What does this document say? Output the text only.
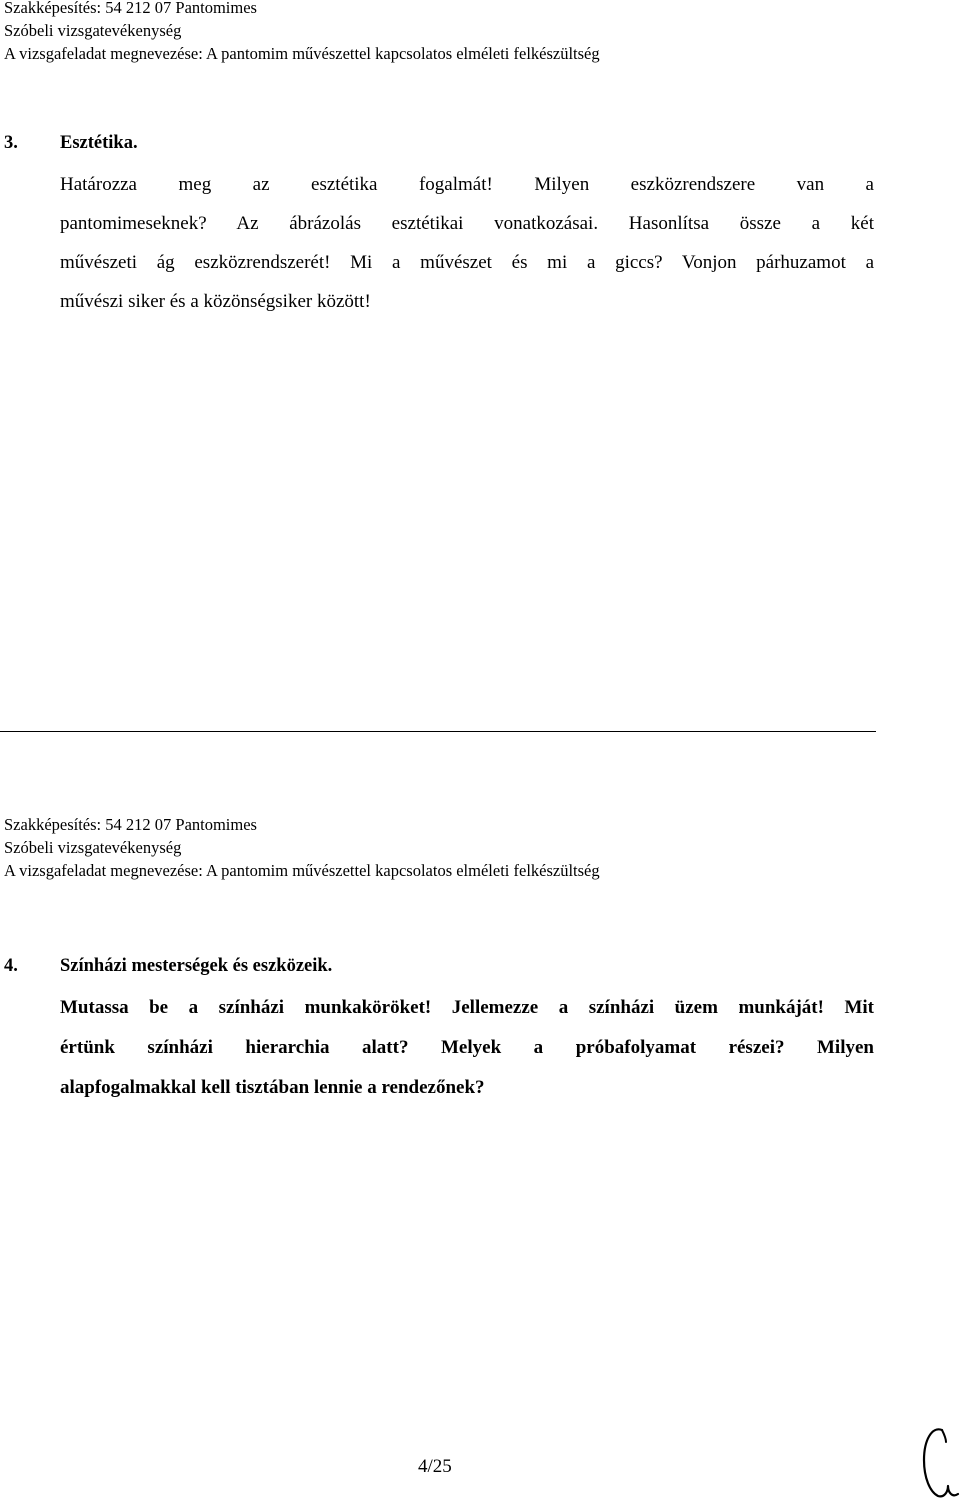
Szakképesítés: 54 212 07 Pantomimes
Szóbeli vizsgatevékenység
A vizsgafeladat megnevezése: A pantomim művészettel kapcsolatos elméleti felkészültség
3. Esztétika.
Határozza meg az esztétika fogalmát! Milyen eszközrendszere van a
pantomimeseknek? Az ábrázolás esztétikai vonatkozásai. Hasonlítsa össze a két
művészeti ág eszközrendszerét! Mi a művészet és mi a giccs? Vonjon párhuzamot a
művészi siker és a közönségsiker között!
Szakképesítés: 54 212 07 Pantomimes
Szóbeli vizsgatevékenység
A vizsgafeladat megnevezése: A pantomim művészettel kapcsolatos elméleti felkészültség
4. Színházi mesterségek és eszközeik.
Mutassa be a színházi munkaköröket! Jellemezze a színházi üzem munkáját! Mit
értünk színházi hierarchia alatt? Melyek a próbafolyamat részei? Milyen
alapfogalmakkal kell tisztában lennie a rendezőnek?
4/25
